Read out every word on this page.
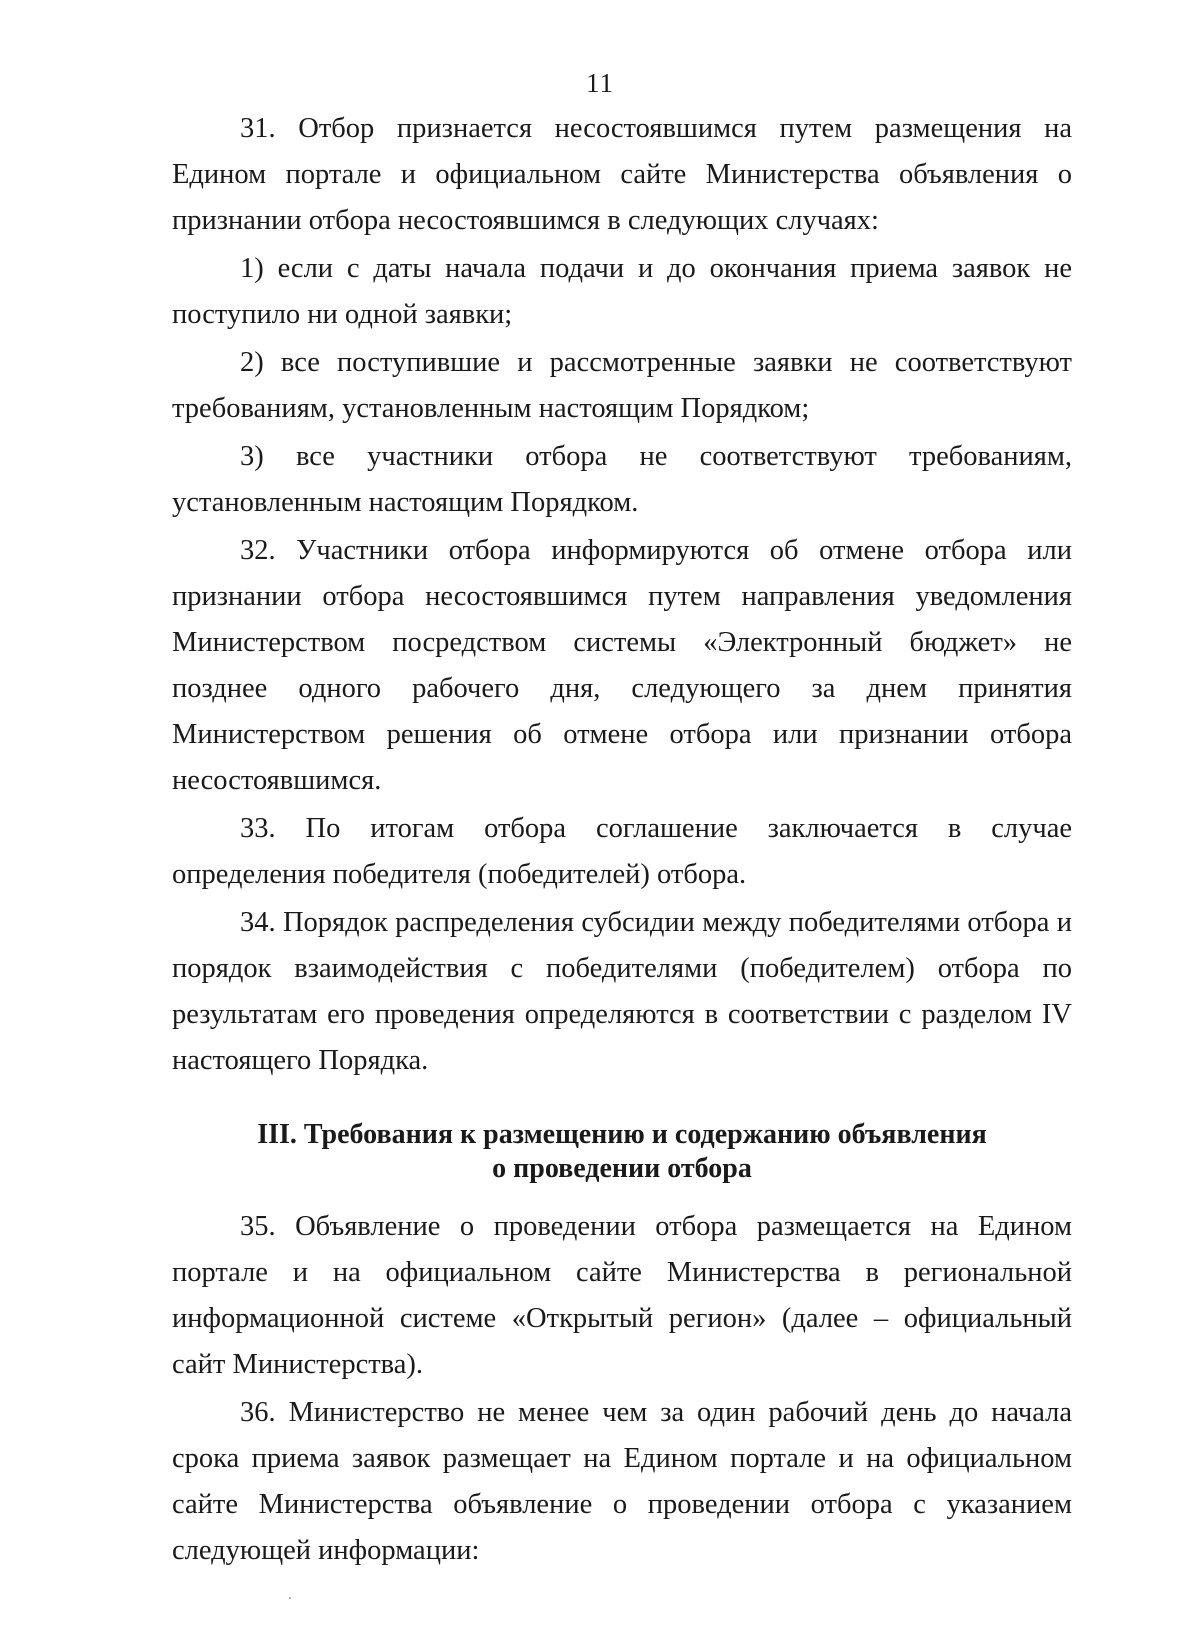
11

31. Отбор признается несостоявшимся путем размещения на Едином портале и официальном сайте Министерства объявления о признании отбора несостоявшимся в следующих случаях:

1) если с даты начала подачи и до окончания приема заявок не поступило ни одной заявки;

2) все поступившие и рассмотренные заявки не соответствуют требованиям, установленным настоящим Порядком;

3) все участники отбора не соответствуют требованиям, установленным настоящим Порядком.

32. Участники отбора информируются об отмене отбора или признании отбора несостоявшимся путем направления уведомления Министерством посредством системы «Электронный бюджет» не позднее одного рабочего дня, следующего за днем принятия Министерством решения об отмене отбора или признании отбора несостоявшимся.

33. По итогам отбора соглашение заключается в случае определения победителя (победителей) отбора.

34. Порядок распределения субсидии между победителями отбора и порядок взаимодействия с победителями (победителем) отбора по результатам его проведения определяются в соответствии с разделом IV настоящего Порядка.

III. Требования к размещению и содержанию объявления
о проведении отбора

35. Объявление о проведении отбора размещается на Едином портале и на официальном сайте Министерства в региональной информационной системе «Открытый регион» (далее – официальный сайт Министерства).

36. Министерство не менее чем за один рабочий день до начала срока приема заявок размещает на Едином портале и на официальном сайте Министерства объявление о проведении отбора с указанием следующей информации:
